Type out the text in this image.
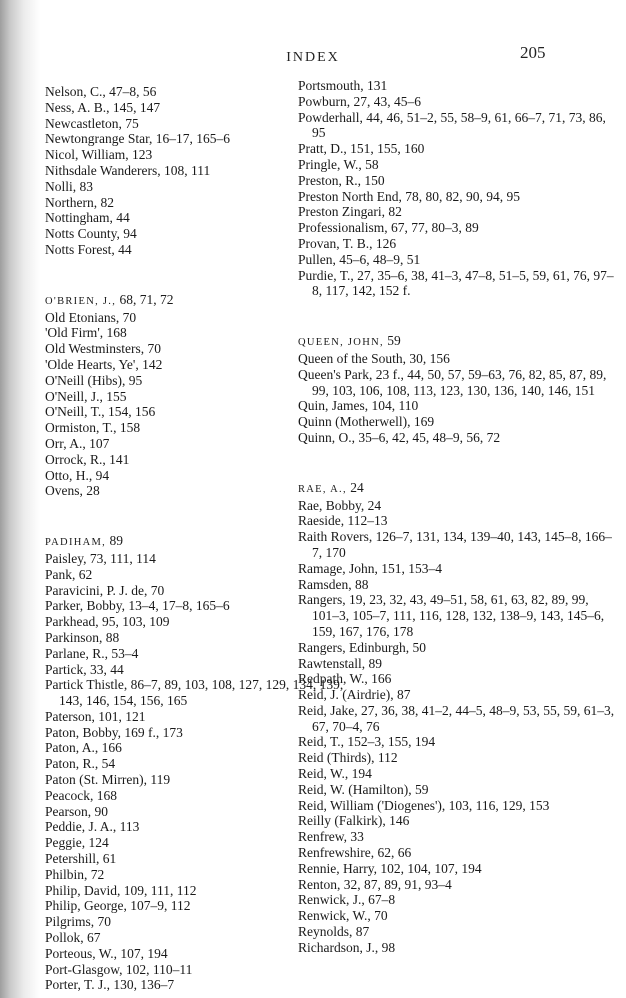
INDEX	205
Nelson, C., 47–8, 56
Ness, A. B., 145, 147
Newcastleton, 75
Newtongrange Star, 16–17, 165–6
Nicol, William, 123
Nithsdale Wanderers, 108, 111
Nolli, 83
Northern, 82
Nottingham, 44
Notts County, 94
Notts Forest, 44
O'BRIEN, J., 68, 71, 72
Old Etonians, 70
'Old Firm', 168
Old Westminsters, 70
'Olde Hearts, Ye', 142
O'Neill (Hibs), 95
O'Neill, J., 155
O'Neill, T., 154, 156
Ormiston, T., 158
Orr, A., 107
Orrock, R., 141
Otto, H., 94
Ovens, 28
PADIHAM, 89
Paisley, 73, 111, 114
Pank, 62
Paravicini, P. J. de, 70
Parker, Bobby, 13–4, 17–8, 165–6
Parkhead, 95, 103, 109
Parkinson, 88
Parlane, R., 53–4
Partick, 33, 44
Partick Thistle, 86–7, 89, 103, 108, 127, 129, 134, 139, 143, 146, 154, 156, 165
Paterson, 101, 121
Paton, Bobby, 169 f., 173
Paton, A., 166
Paton, R., 54
Paton (St. Mirren), 119
Peacock, 168
Pearson, 90
Peddie, J. A., 113
Peggie, 124
Petershill, 61
Philbin, 72
Philip, David, 109, 111, 112
Philip, George, 107–9, 112
Pilgrims, 70
Pollok, 67
Porteous, W., 107, 194
Port-Glasgow, 102, 110–11
Porter, T. J., 130, 136–7
Portsmouth, 131
Powburn, 27, 43, 45–6
Powderhall, 44, 46, 51–2, 55, 58–9, 61, 66–7, 71, 73, 86, 95
Pratt, D., 151, 155, 160
Pringle, W., 58
Preston, R., 150
Preston North End, 78, 80, 82, 90, 94, 95
Preston Zingari, 82
Professionalism, 67, 77, 80–3, 89
Provan, T. B., 126
Pullen, 45–6, 48–9, 51
Purdie, T., 27, 35–6, 38, 41–3, 47–8, 51–5, 59, 61, 76, 97–8, 117, 142, 152 f.
QUEEN, JOHN, 59
Queen of the South, 30, 156
Queen's Park, 23 f., 44, 50, 57, 59–63, 76, 82, 85, 87, 89, 99, 103, 106, 108, 113, 123, 130, 136, 140, 146, 151
Quin, James, 104, 110
Quinn (Motherwell), 169
Quinn, O., 35–6, 42, 45, 48–9, 56, 72
RAE, A., 24
Rae, Bobby, 24
Raeside, 112–13
Raith Rovers, 126–7, 131, 134, 139–40, 143, 145–8, 166–7, 170
Ramage, John, 151, 153–4
Ramsden, 88
Rangers, 19, 23, 32, 43, 49–51, 58, 61, 63, 82, 89, 99, 101–3, 105–7, 111, 116, 128, 132, 138–9, 143, 145–6, 159, 167, 176, 178
Rangers, Edinburgh, 50
Rawtenstall, 89
Redpath, W., 166
Reid, J. (Airdrie), 87
Reid, Jake, 27, 36, 38, 41–2, 44–5, 48–9, 53, 55, 59, 61–3, 67, 70–4, 76
Reid, T., 152–3, 155, 194
Reid (Thirds), 112
Reid, W., 194
Reid, W. (Hamilton), 59
Reid, William ('Diogenes'), 103, 116, 129, 153
Reilly (Falkirk), 146
Renfrew, 33
Renfrewshire, 62, 66
Rennie, Harry, 102, 104, 107, 194
Renton, 32, 87, 89, 91, 93–4
Renwick, J., 67–8
Renwick, W., 70
Reynolds, 87
Richardson, J., 98
